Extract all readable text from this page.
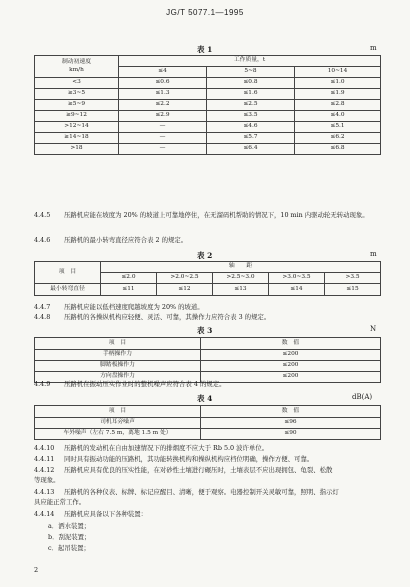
JG/T 5077.1—1995
表 1	m
制动初速度
km/h	工作质量，t		
	≤4	5~8	10~14
<3	≤0.6	≤0.8	≤1.0
≥3~5	≤1.3	≤1.6	≤1.9
≥5~9	≤2.2	≤2.5	≤2.8
≥9~12	≤2.9	≤3.5	≤4.0
>12~14	—	≤4.6	≤5.1
≥14~18	—	≤5.7	≤6.2
>18	—	≤6.4	≤6.8
4.4.5 压路机应能在坡度为 20% 的坡道上可靠地停住，在无溜码机帮助的情况下，10 min 内驱动轮无转动现象。
4.4.6 压路机的最小转弯直径应符合表 2 的规定。
表 2	m
项　目	轴　　距				
	≤2.0	>2.0~2.5	>2.5~3.0	>3.0~3.5	>3.5
最小转弯直径	≤11	≤12	≤13	≤14	≤15
4.4.7 压路机应能以低档速度爬越坡度为 20% 的坡道。
4.4.8 压路机的各操纵机构应轻便、灵活、可靠，其操作力应符合表 3 的规定。
表 3	N
项　目	数　值
手柄操作力	≤200
脚踏板操作力	≤200
方向盘操作力	≤200
4.4.9 压路机在振动压实作业时的整机噪声应符合表 4 的规定。
表 4	dB(A)
项　目	数　值
司机耳旁噪声	≤96
车外噪声（左右 7.5 m，离地 1.5 m 处）	≤90
4.4.10 压路机的发动机在自由加速情况下的排烟度不应大于 Rb 5.0 波许单位。
4.4.11 同时具有振动功能的压路机，其功能转换机构和操纵机构应档位明确，操作方便、可靠。
4.4.12 压路机应具有优良的压实性能，在对砂性土壤进行碾压时，土壤表层不应出现拥包、龟裂、松散
等现象。
4.4.13 压路机的各种仪表、标牌、标记应醒目、清晰，便于观察。电器控制开关灵敏可靠，照明、指示灯
具应能正常工作。
4.4.14 压路机应具备以下各种装置：
a．洒水装置；
b．刮泥装置；
c．起吊装置；
2
